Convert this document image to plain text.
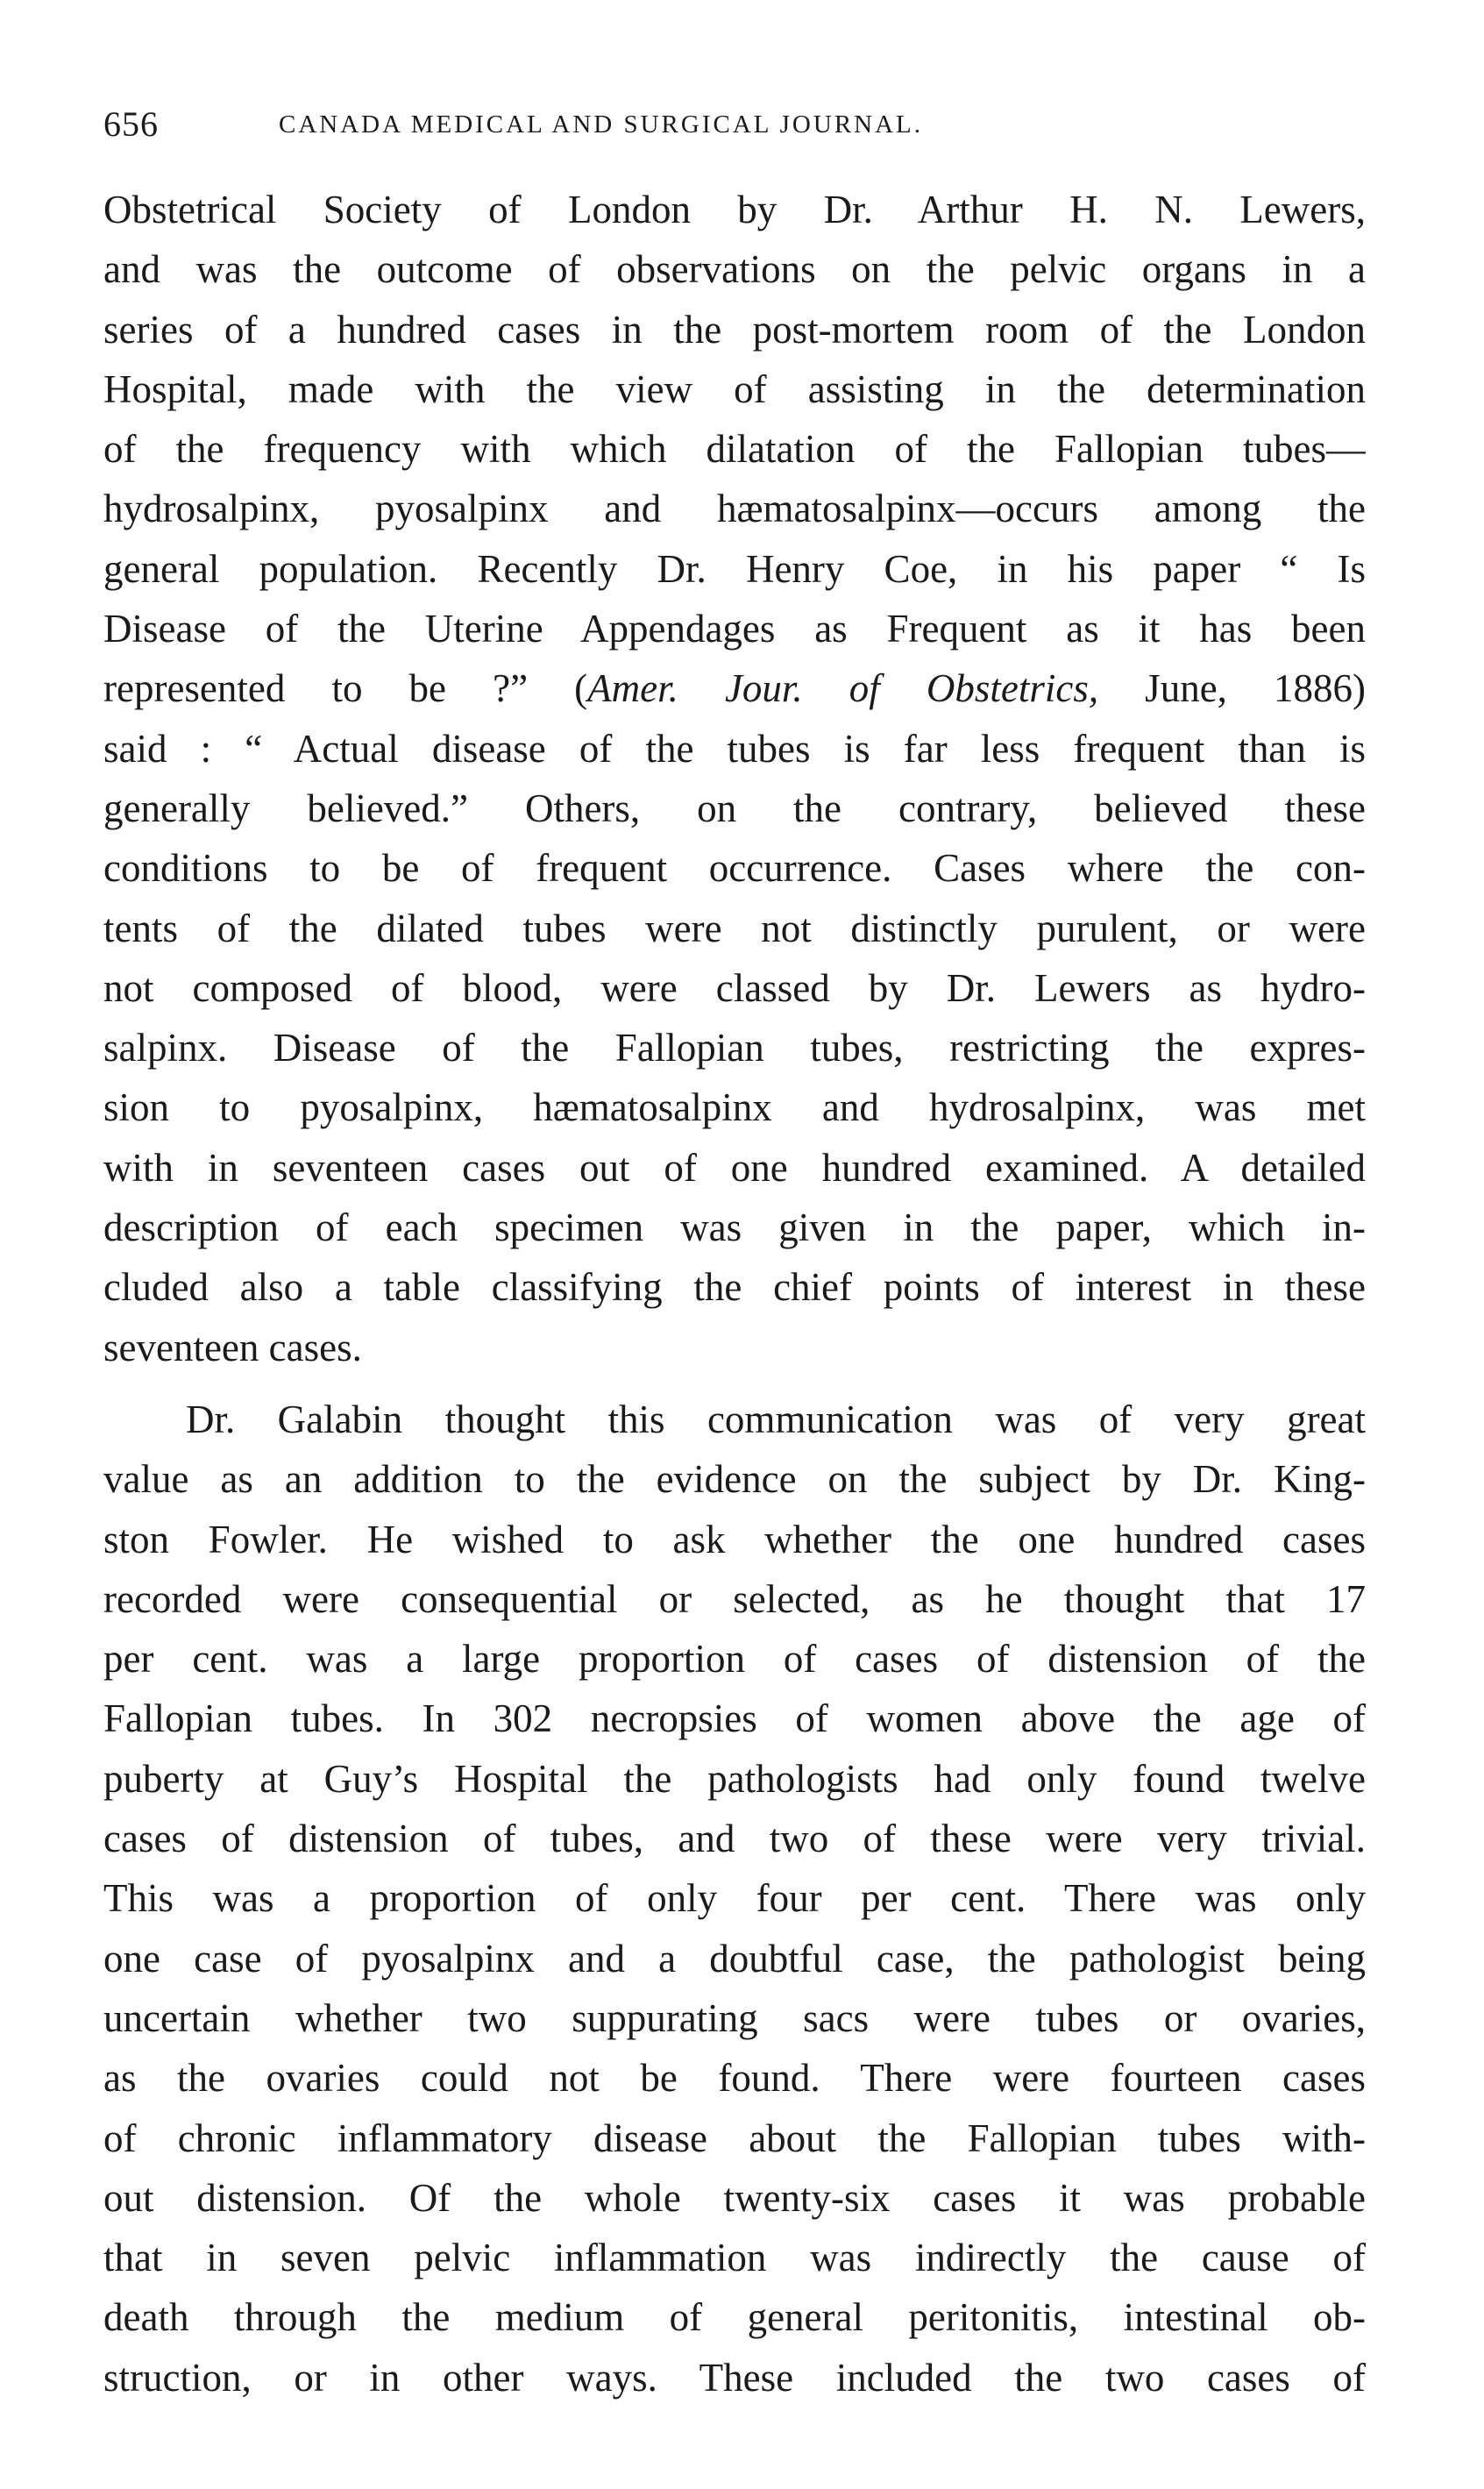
656	CANADA MEDICAL AND SURGICAL JOURNAL.
Obstetrical Society of London by Dr. Arthur H. N. Lewers,
and was the outcome of observations on the pelvic organs in a
series of a hundred cases in the post-mortem room of the London
Hospital, made with the view of assisting in the determination
of the frequency with which dilatation of the Fallopian tubes—
hydrosalpinx, pyosalpinx and hæmatosalpinx—occurs among the
general population. Recently Dr. Henry Coe, in his paper “ Is
Disease of the Uterine Appendages as Frequent as it has been
represented to be ?” (Amer. Jour. of Obstetrics, June, 1886)
said : “ Actual disease of the tubes is far less frequent than is
generally believed.” Others, on the contrary, believed these
conditions to be of frequent occurrence. Cases where the con-
tents of the dilated tubes were not distinctly purulent, or were
not composed of blood, were classed by Dr. Lewers as hydro-
salpinx. Disease of the Fallopian tubes, restricting the expres-
sion to pyosalpinx, hæmatosalpinx and hydrosalpinx, was met
with in seventeen cases out of one hundred examined. A detailed
description of each specimen was given in the paper, which in-
cluded also a table classifying the chief points of interest in these
seventeen cases.
Dr. Galabin thought this communication was of very great
value as an addition to the evidence on the subject by Dr. King-
ston Fowler. He wished to ask whether the one hundred cases
recorded were consequential or selected, as he thought that 17
per cent. was a large proportion of cases of distension of the
Fallopian tubes. In 302 necropsies of women above the age of
puberty at Guy’s Hospital the pathologists had only found twelve
cases of distension of tubes, and two of these were very trivial.
This was a proportion of only four per cent. There was only
one case of pyosalpinx and a doubtful case, the pathologist being
uncertain whether two suppurating sacs were tubes or ovaries,
as the ovaries could not be found. There were fourteen cases
of chronic inflammatory disease about the Fallopian tubes with-
out distension. Of the whole twenty-six cases it was probable
that in seven pelvic inflammation was indirectly the cause of
death through the medium of general peritonitis, intestinal ob-
struction, or in other ways. These included the two cases of
